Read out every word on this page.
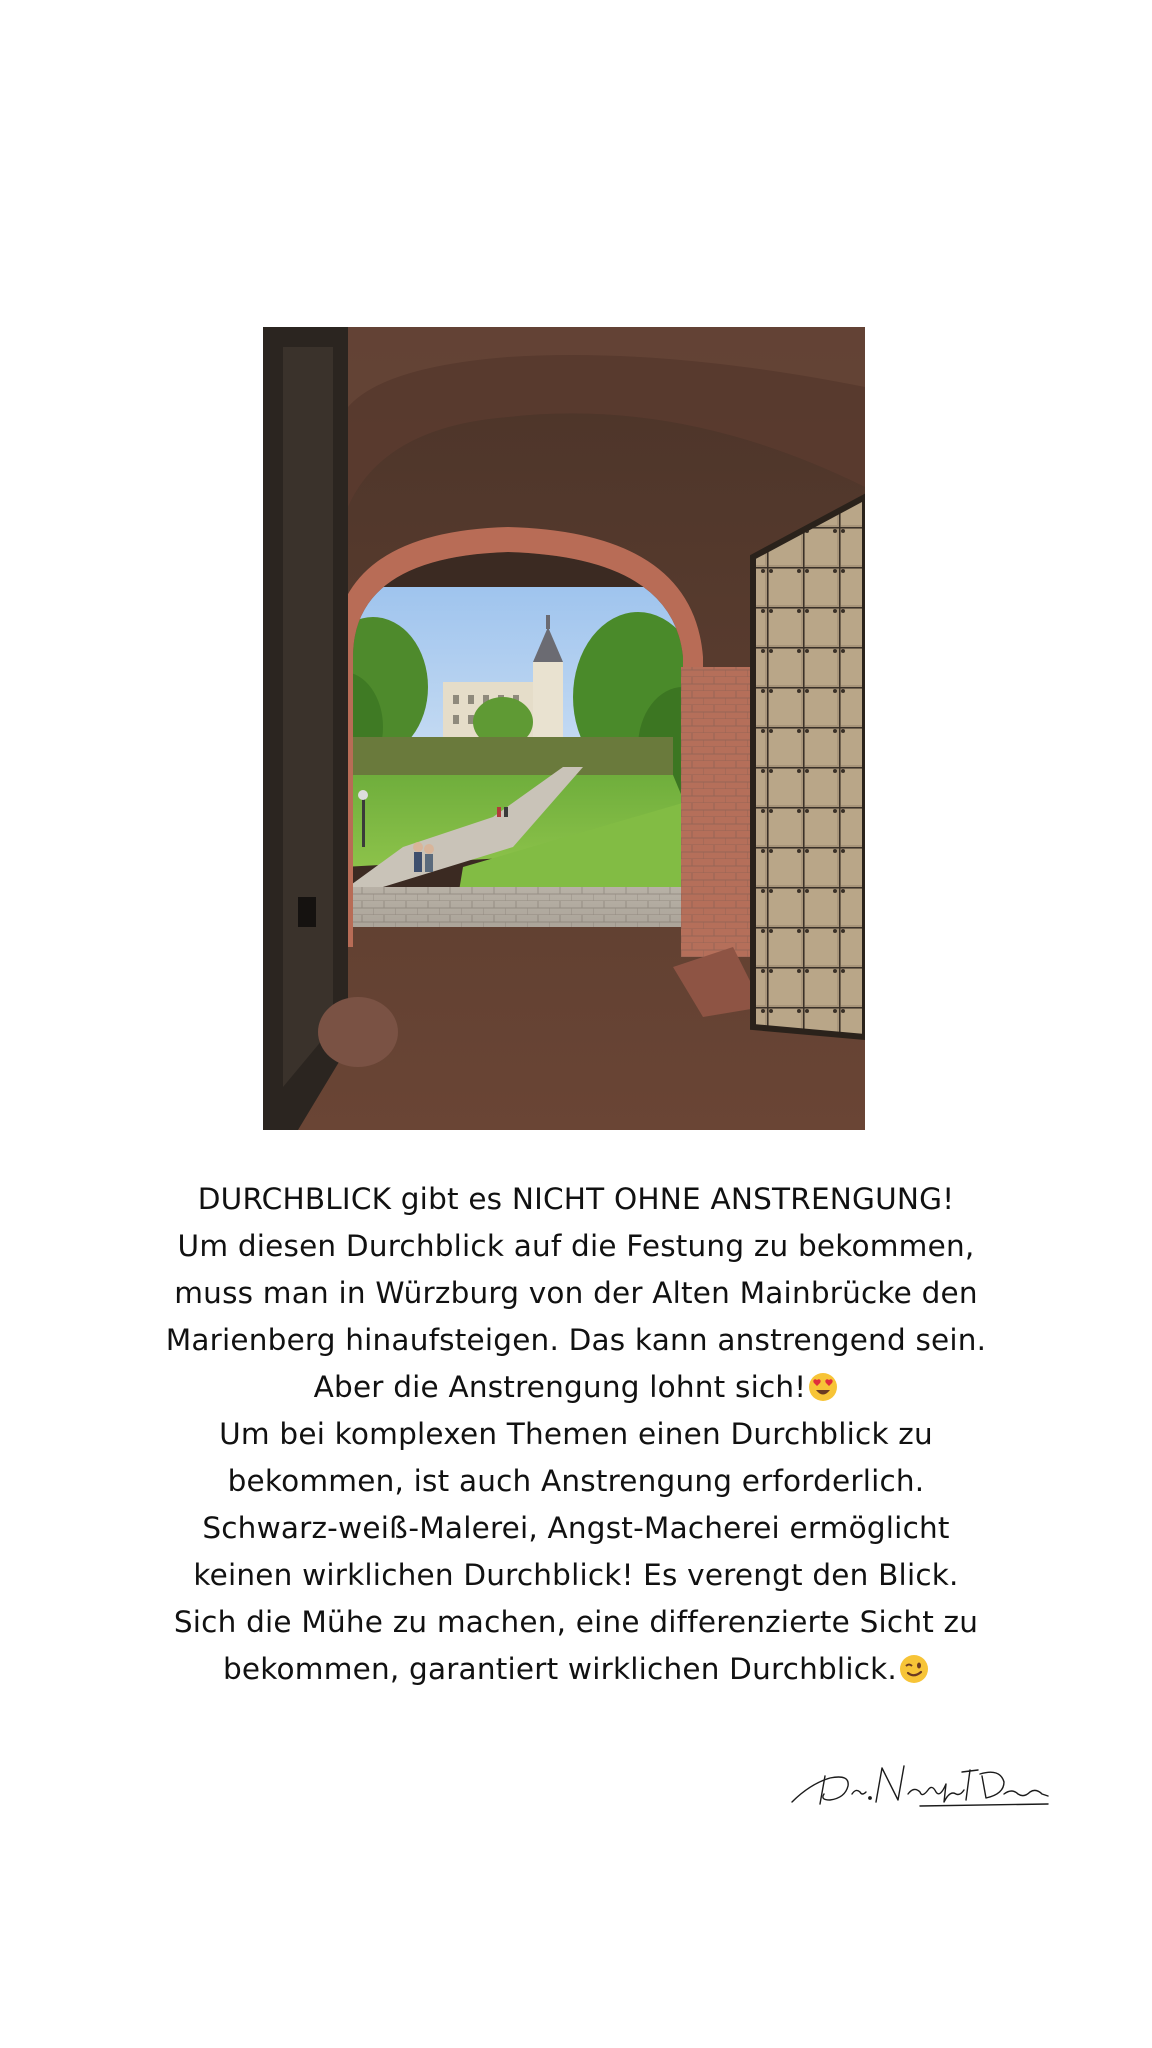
DURCHBLICK gibt es NICHT OHNE ANSTRENGUNG!
Um diesen Durchblick auf die Festung zu bekommen,
muss man in Würzburg von der Alten Mainbrücke den
Marienberg hinaufsteigen. Das kann anstrengend sein.
Aber die Anstrengung lohnt sich!
Um bei komplexen Themen einen Durchblick zu
bekommen, ist auch Anstrengung erforderlich.
Schwarz-weiß-Malerei, Angst-Macherei ermöglicht
keinen wirklichen Durchblick! Es verengt den Blick.
Sich die Mühe zu machen, eine differenzierte Sicht zu
bekommen, garantiert wirklichen Durchblick.
